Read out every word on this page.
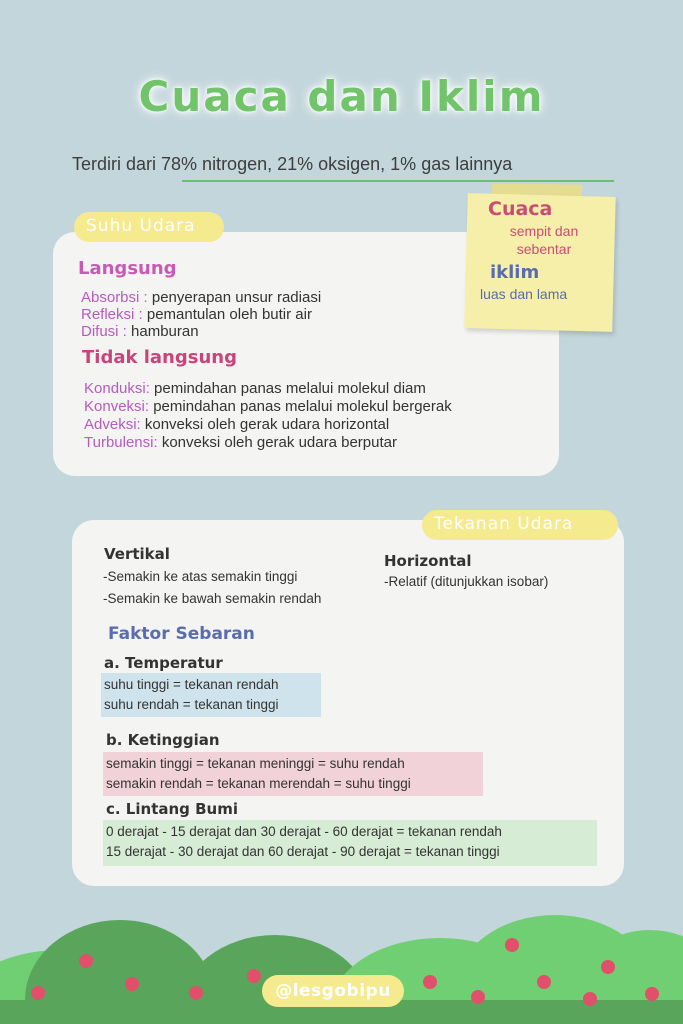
Cuaca dan Iklim
Terdiri dari 78% nitrogen, 21% oksigen, 1% gas lainnya
Suhu Udara
Cuaca
sempit dan
sebentar
iklim
luas dan lama
Langsung
Absorbsi : penyerapan unsur radiasi
Refleksi : pemantulan oleh butir air
Difusi : hamburan
Tidak langsung
Konduksi: pemindahan panas melalui molekul diam
Konveksi: pemindahan panas melalui molekul bergerak
Adveksi: konveksi oleh gerak udara horizontal
Turbulensi: konveksi oleh gerak udara berputar
Tekanan Udara
Vertikal
-Semakin ke atas semakin tinggi
-Semakin ke bawah semakin rendah
Horizontal
-Relatif (ditunjukkan isobar)
Faktor Sebaran
a. Temperatur
suhu tinggi = tekanan rendah
suhu rendah = tekanan tinggi
b. Ketinggian
semakin tinggi = tekanan meninggi = suhu rendah
semakin rendah = tekanan merendah = suhu tinggi
c. Lintang Bumi
0 derajat - 15 derajat dan 30 derajat - 60 derajat = tekanan rendah
15 derajat - 30 derajat dan 60 derajat - 90 derajat = tekanan tinggi
@lesgobipu
